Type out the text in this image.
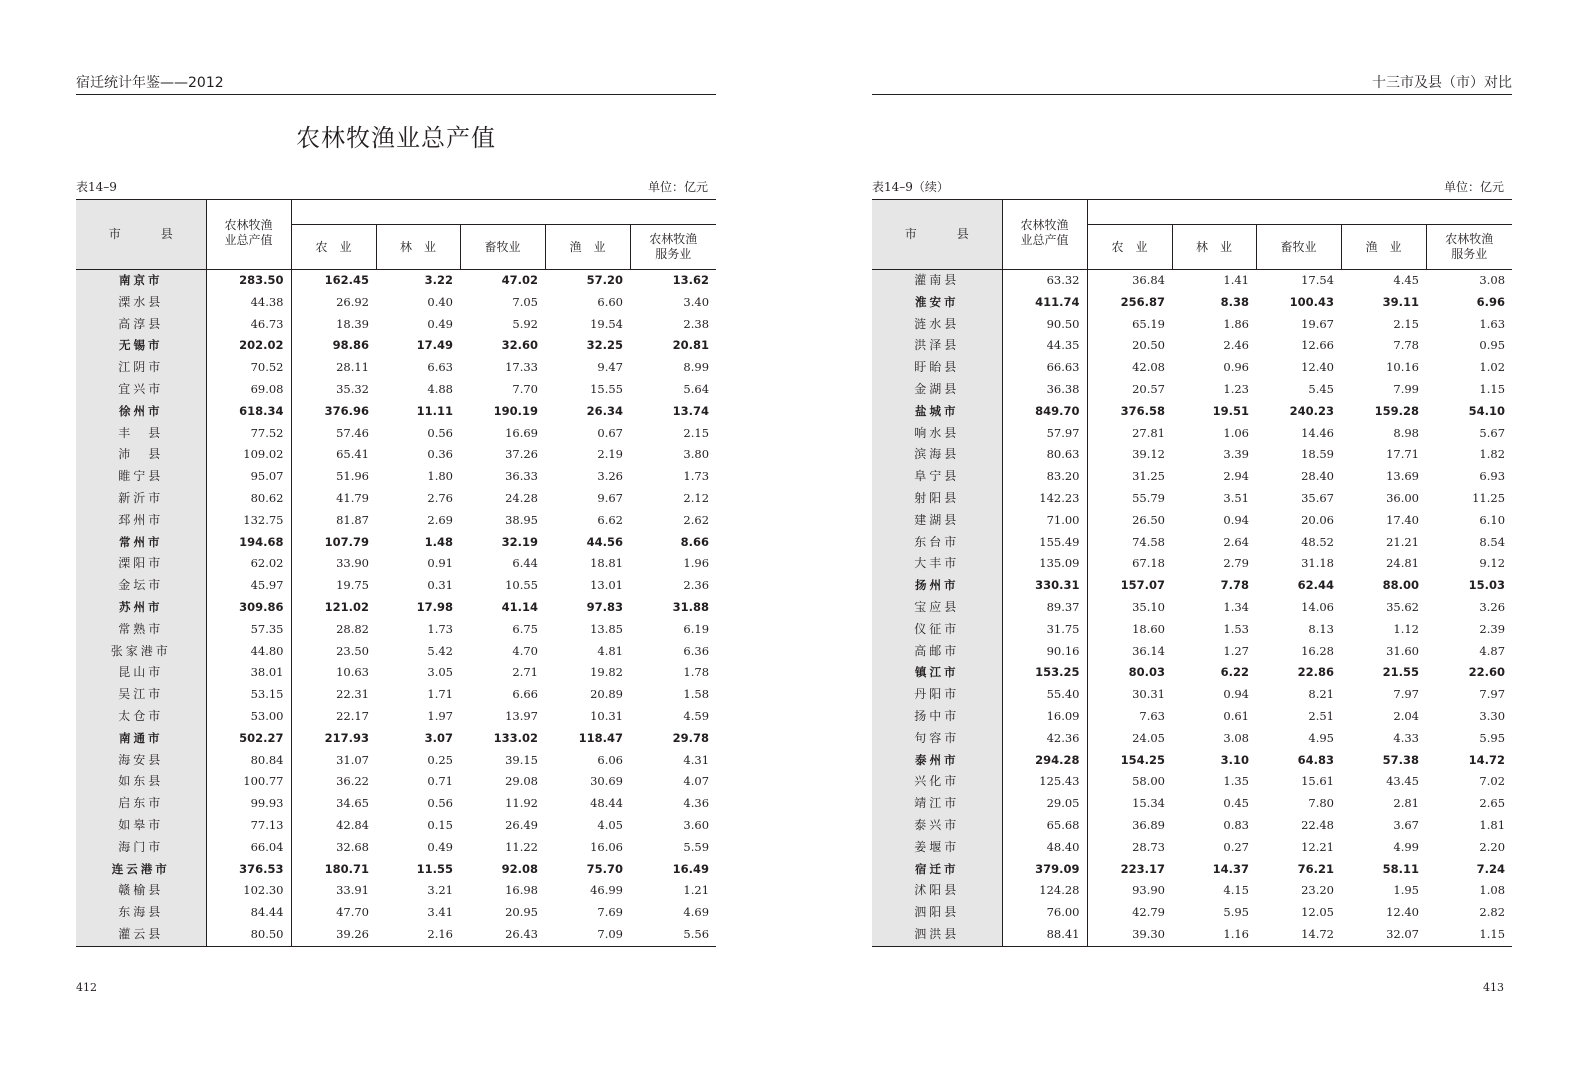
宿迁统计年鉴——2012
农林牧渔业总产值
表14–9	单位：亿元
市　县	农林牧渔
业总产值					
		农　业	林　业	畜牧业	渔　业	农林牧渔
服务业
南京市	283.50	162.45	3.22	47.02	57.20	13.62
溧水县	44.38	26.92	0.40	7.05	6.60	3.40
高淳县	46.73	18.39	0.49	5.92	19.54	2.38
无锡市	202.02	98.86	17.49	32.60	32.25	20.81
江阴市	70.52	28.11	6.63	17.33	9.47	8.99
宜兴市	69.08	35.32	4.88	7.70	15.55	5.64
徐州市	618.34	376.96	11.11	190.19	26.34	13.74
丰　县	77.52	57.46	0.56	16.69	0.67	2.15
沛　县	109.02	65.41	0.36	37.26	2.19	3.80
睢宁县	95.07	51.96	1.80	36.33	3.26	1.73
新沂市	80.62	41.79	2.76	24.28	9.67	2.12
邳州市	132.75	81.87	2.69	38.95	6.62	2.62
常州市	194.68	107.79	1.48	32.19	44.56	8.66
溧阳市	62.02	33.90	0.91	6.44	18.81	1.96
金坛市	45.97	19.75	0.31	10.55	13.01	2.36
苏州市	309.86	121.02	17.98	41.14	97.83	31.88
常熟市	57.35	28.82	1.73	6.75	13.85	6.19
张家港市	44.80	23.50	5.42	4.70	4.81	6.36
昆山市	38.01	10.63	3.05	2.71	19.82	1.78
吴江市	53.15	22.31	1.71	6.66	20.89	1.58
太仓市	53.00	22.17	1.97	13.97	10.31	4.59
南通市	502.27	217.93	3.07	133.02	118.47	29.78
海安县	80.84	31.07	0.25	39.15	6.06	4.31
如东县	100.77	36.22	0.71	29.08	30.69	4.07
启东市	99.93	34.65	0.56	11.92	48.44	4.36
如皋市	77.13	42.84	0.15	26.49	4.05	3.60
海门市	66.04	32.68	0.49	11.22	16.06	5.59
连云港市	376.53	180.71	11.55	92.08	75.70	16.49
赣榆县	102.30	33.91	3.21	16.98	46.99	1.21
东海县	84.44	47.70	3.41	20.95	7.69	4.69
灌云县	80.50	39.26	2.16	26.43	7.09	5.56
412
十三市及县（市）对比
表14–9（续）	单位：亿元
市　县	农林牧渔
业总产值					
		农　业	林　业	畜牧业	渔　业	农林牧渔
服务业
灌南县	63.32	36.84	1.41	17.54	4.45	3.08
淮安市	411.74	256.87	8.38	100.43	39.11	6.96
涟水县	90.50	65.19	1.86	19.67	2.15	1.63
洪泽县	44.35	20.50	2.46	12.66	7.78	0.95
盱眙县	66.63	42.08	0.96	12.40	10.16	1.02
金湖县	36.38	20.57	1.23	5.45	7.99	1.15
盐城市	849.70	376.58	19.51	240.23	159.28	54.10
响水县	57.97	27.81	1.06	14.46	8.98	5.67
滨海县	80.63	39.12	3.39	18.59	17.71	1.82
阜宁县	83.20	31.25	2.94	28.40	13.69	6.93
射阳县	142.23	55.79	3.51	35.67	36.00	11.25
建湖县	71.00	26.50	0.94	20.06	17.40	6.10
东台市	155.49	74.58	2.64	48.52	21.21	8.54
大丰市	135.09	67.18	2.79	31.18	24.81	9.12
扬州市	330.31	157.07	7.78	62.44	88.00	15.03
宝应县	89.37	35.10	1.34	14.06	35.62	3.26
仪征市	31.75	18.60	1.53	8.13	1.12	2.39
高邮市	90.16	36.14	1.27	16.28	31.60	4.87
镇江市	153.25	80.03	6.22	22.86	21.55	22.60
丹阳市	55.40	30.31	0.94	8.21	7.97	7.97
扬中市	16.09	7.63	0.61	2.51	2.04	3.30
句容市	42.36	24.05	3.08	4.95	4.33	5.95
泰州市	294.28	154.25	3.10	64.83	57.38	14.72
兴化市	125.43	58.00	1.35	15.61	43.45	7.02
靖江市	29.05	15.34	0.45	7.80	2.81	2.65
泰兴市	65.68	36.89	0.83	22.48	3.67	1.81
姜堰市	48.40	28.73	0.27	12.21	4.99	2.20
宿迁市	379.09	223.17	14.37	76.21	58.11	7.24
沭阳县	124.28	93.90	4.15	23.20	1.95	1.08
泗阳县	76.00	42.79	5.95	12.05	12.40	2.82
泗洪县	88.41	39.30	1.16	14.72	32.07	1.15
413
